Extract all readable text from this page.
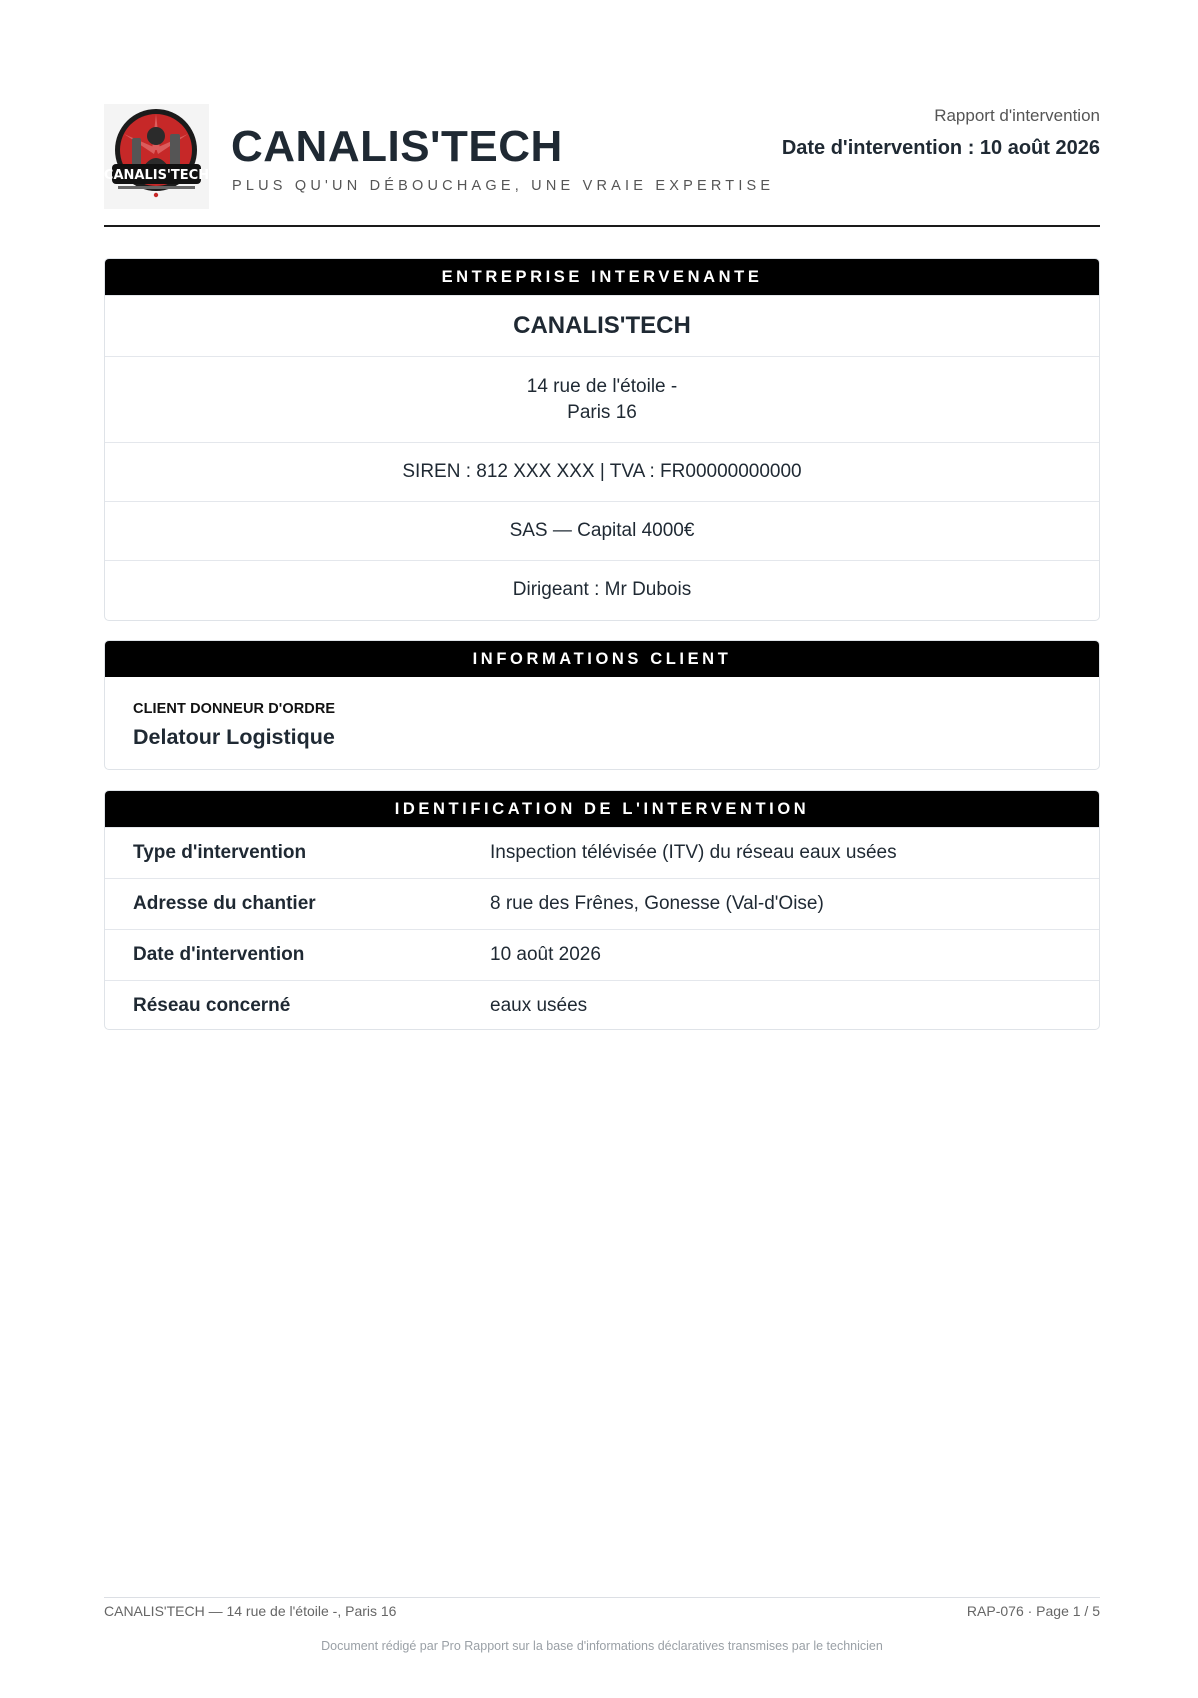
CANALIS'TECH
CANALIS'TECH
PLUS QU'UN DÉBOUCHAGE, UNE VRAIE EXPERTISE
Rapport d'intervention
Date d'intervention : 10 août 2026
ENTREPRISE INTERVENANTE
CANALIS'TECH
14 rue de l'étoile -
Paris 16
SIREN : 812 XXX XXX | TVA : FR00000000000
SAS — Capital 4000€
Dirigeant : Mr Dubois
INFORMATIONS CLIENT
CLIENT DONNEUR D'ORDRE
Delatour Logistique
IDENTIFICATION DE L'INTERVENTION
Type d'intervention	Inspection télévisée (ITV) du réseau eaux usées
Adresse du chantier	8 rue des Frênes, Gonesse (Val-d'Oise)
Date d'intervention	10 août 2026
Réseau concerné	eaux usées
CANALIS'TECH — 14 rue de l'étoile -, Paris 16	RAP-076 · Page 1 / 5
Document rédigé par Pro Rapport sur la base d'informations déclaratives transmises par le technicien
